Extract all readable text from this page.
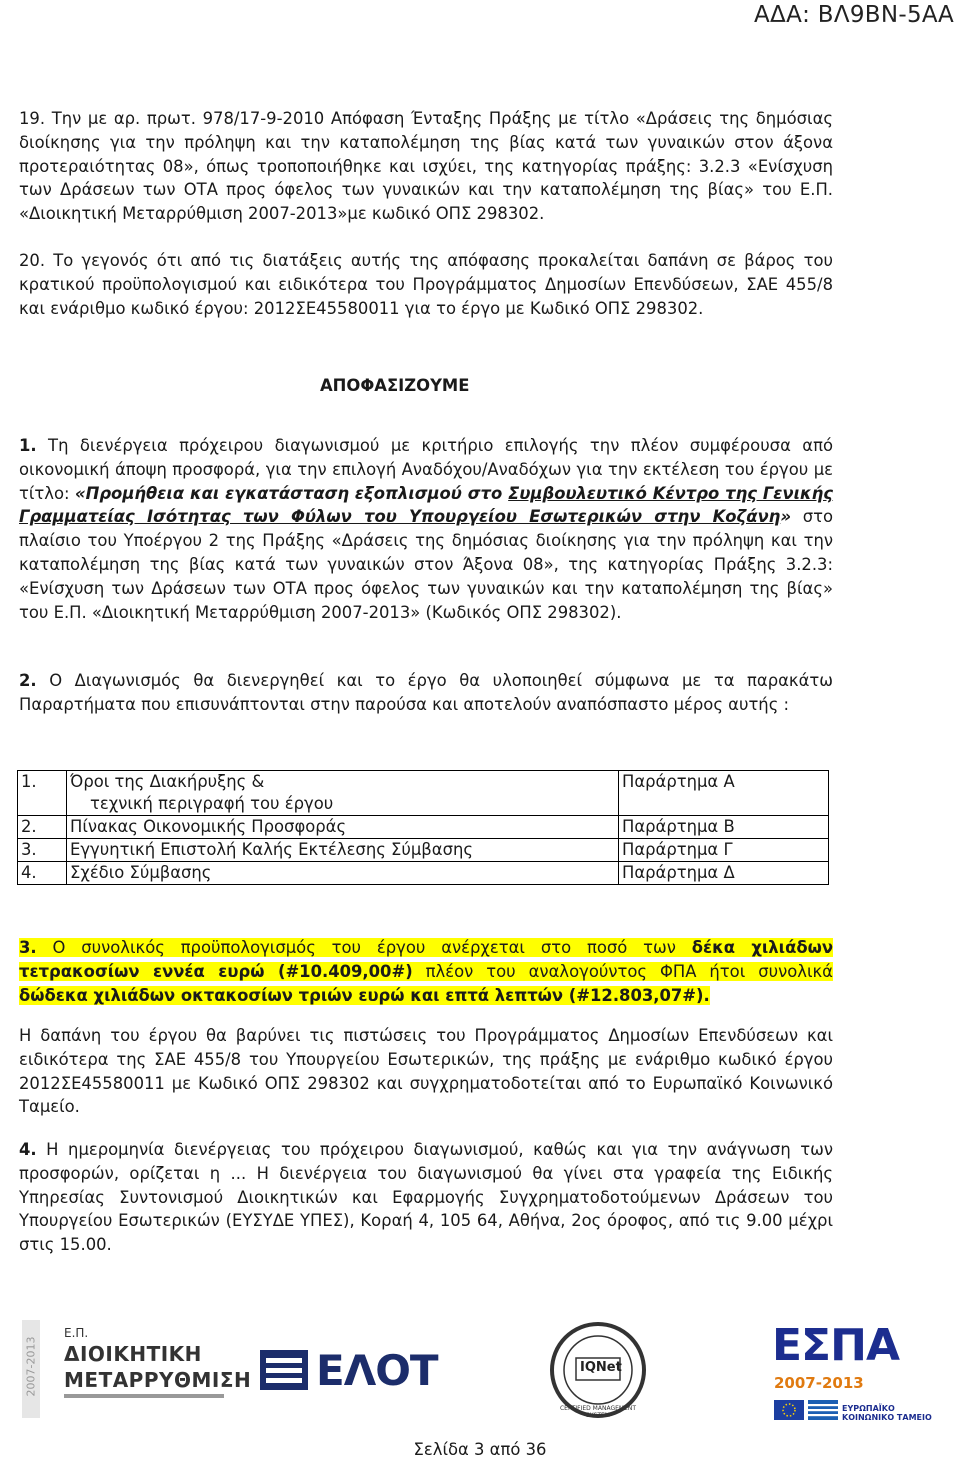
ΑΔΑ: ΒΛ9ΒΝ-5ΑΑ

19. Την με αρ. πρωτ. 978/17-9-2010 Απόφαση Ένταξης Πράξης με τίτλο «Δράσεις της δημόσιας διοίκησης για την πρόληψη και την καταπολέμηση της βίας κατά των γυναικών στον άξονα προτεραιότητας 08», όπως τροποποιήθηκε και ισχύει, της κατηγορίας πράξης: 3.2.3 «Ενίσχυση των Δράσεων των ΟΤΑ προς όφελος των γυναικών και την καταπολέμηση της βίας» του Ε.Π. «Διοικητική Μεταρρύθμιση 2007-2013»με κωδικό ΟΠΣ 298302.

20. Το γεγονός ότι από τις διατάξεις αυτής της απόφασης προκαλείται δαπάνη σε βάρος του κρατικού προϋπολογισμού και ειδικότερα του Προγράμματος Δημοσίων Επενδύσεων, ΣΑΕ 455/8 και ενάριθμο κωδικό έργου: 2012ΣΕ45580011 για το έργο με Κωδικό ΟΠΣ 298302.

ΑΠΟΦΑΣΙΖΟΥΜΕ

1. Τη διενέργεια πρόχειρου διαγωνισμού με κριτήριο επιλογής την πλέον συμφέρουσα από οικονομική άποψη προσφορά, για την επιλογή Αναδόχου/Αναδόχων για την εκτέλεση του έργου με τίτλο: «Προμήθεια και εγκατάσταση εξοπλισμού στο Συμβουλευτικό Κέντρο της Γενικής Γραμματείας Ισότητας των Φύλων του Υπουργείου Εσωτερικών στην Κοζάνη» στο πλαίσιο του Υποέργου 2 της Πράξης «Δράσεις της δημόσιας διοίκησης για την πρόληψη και την καταπολέμηση της βίας κατά των γυναικών στον Άξονα 08», της κατηγορίας Πράξης 3.2.3: «Ενίσχυση των Δράσεων των ΟΤΑ προς όφελος των γυναικών και την καταπολέμηση της βίας» του Ε.Π. «Διοικητική Μεταρρύθμιση 2007-2013» (Κωδικός ΟΠΣ 298302).

2. Ο Διαγωνισμός θα διενεργηθεί και το έργο θα υλοποιηθεί σύμφωνα με τα παρακάτω Παραρτήματα που επισυνάπτονται στην παρούσα και αποτελούν αναπόσπαστο μέρος αυτής :

1.	Όροι της Διακήρυξης &
τεχνική περιγραφή του έργου	Παράρτημα Α
2.	Πίνακας Οικονομικής Προσφοράς	Παράρτημα Β
3.	Εγγυητική Επιστολή Καλής Εκτέλεσης Σύμβασης	Παράρτημα Γ
4.	Σχέδιο Σύμβασης	Παράρτημα Δ

3. Ο συνολικός προϋπολογισμός του έργου ανέρχεται στο ποσό των δέκα χιλιάδων τετρακοσίων εννέα ευρώ (#10.409,00#) πλέον του αναλογούντος ΦΠΑ ήτοι συνολικά δώδεκα χιλιάδων οκτακοσίων τριών ευρώ και επτά λεπτών (#12.803,07#).

Η δαπάνη του έργου θα βαρύνει τις πιστώσεις του Προγράμματος Δημοσίων Επενδύσεων και ειδικότερα της ΣΑΕ 455/8 του Υπουργείου Εσωτερικών, της πράξης με ενάριθμο κωδικό έργου 2012ΣΕ45580011 με Κωδικό ΟΠΣ 298302 και συγχρηματοδοτείται από το Ευρωπαϊκό Κοινωνικό Ταμείο.

4. Η ημερομηνία διενέργειας του πρόχειρου διαγωνισμού, καθώς και για την ανάγνωση των προσφορών, ορίζεται η ... Η διενέργεια του διαγωνισμού θα γίνει στα γραφεία της Ειδικής Υπηρεσίας Συντονισμού Διοικητικών και Εφαρμογής Συγχρηματοδοτούμενων Δράσεων του Υπουργείου Εσωτερικών (ΕΥΣΥΔΕ ΥΠΕΣ), Κοραή 4, 105 64, Αθήνα, 2ος όροφος, από τις 9.00 μέχρι στις 15.00.

2007-2013
Ε.Π.
ΔΙΟΙΚΗΤΙΚΗ
ΜΕΤΑΡΡΥΘΜΙΣΗ ΕΛΟΤ	IQNet
CERTIFIED MANAGEMENT SYSTEM
ΕΣΠΑ
2007-2013
ΕΥΡΩΠΑΪΚΟ ΚΟΙΝΩΝΙΚΟ ΤΑΜΕΙΟ
Σελίδα 3 από 36
